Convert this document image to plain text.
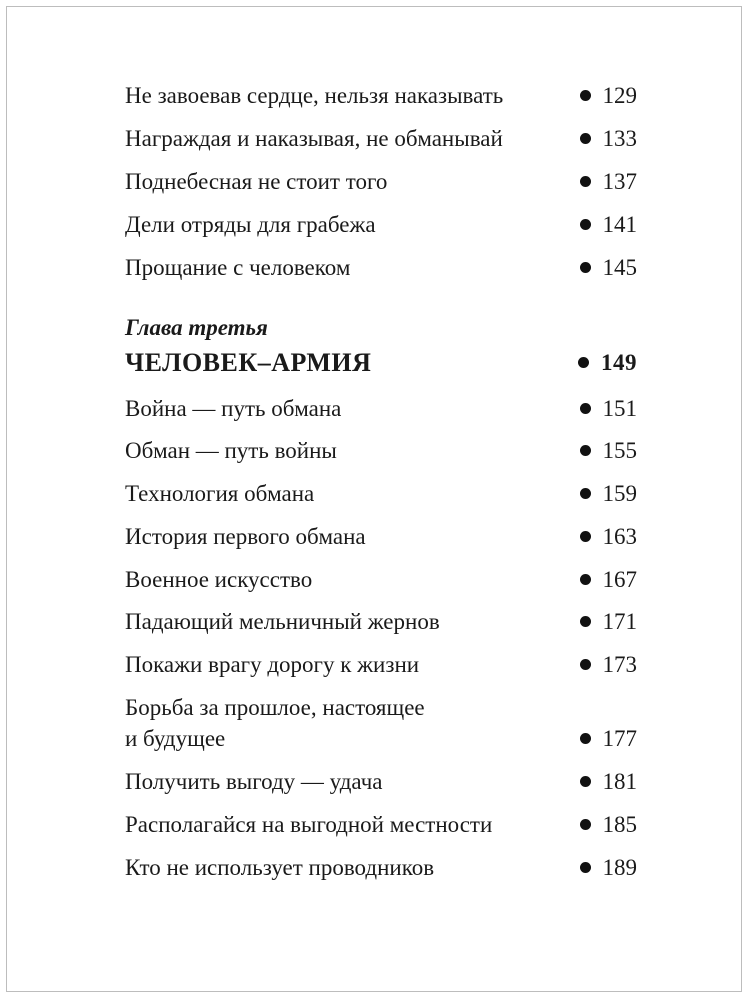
Не завоевав сердце, нельзя наказывать	129
Награждая и наказывая, не обманывай	133
Поднебесная не стоит того	137
Дели отряды для грабежа	141
Прощание с человеком	145
Глава третья
ЧЕЛОВЕК–АРМИЯ	149
Война — путь обмана	151
Обман — путь войны	155
Технология обмана	159
История первого обмана	163
Военное искусство	167
Падающий мельничный жернов	171
Покажи врагу дорогу к жизни	173
Борьба за прошлое, настоящее
и будущее	177
Получить выгоду — удача	181
Располагайся на выгодной местности	185
Кто не использует проводников	189
